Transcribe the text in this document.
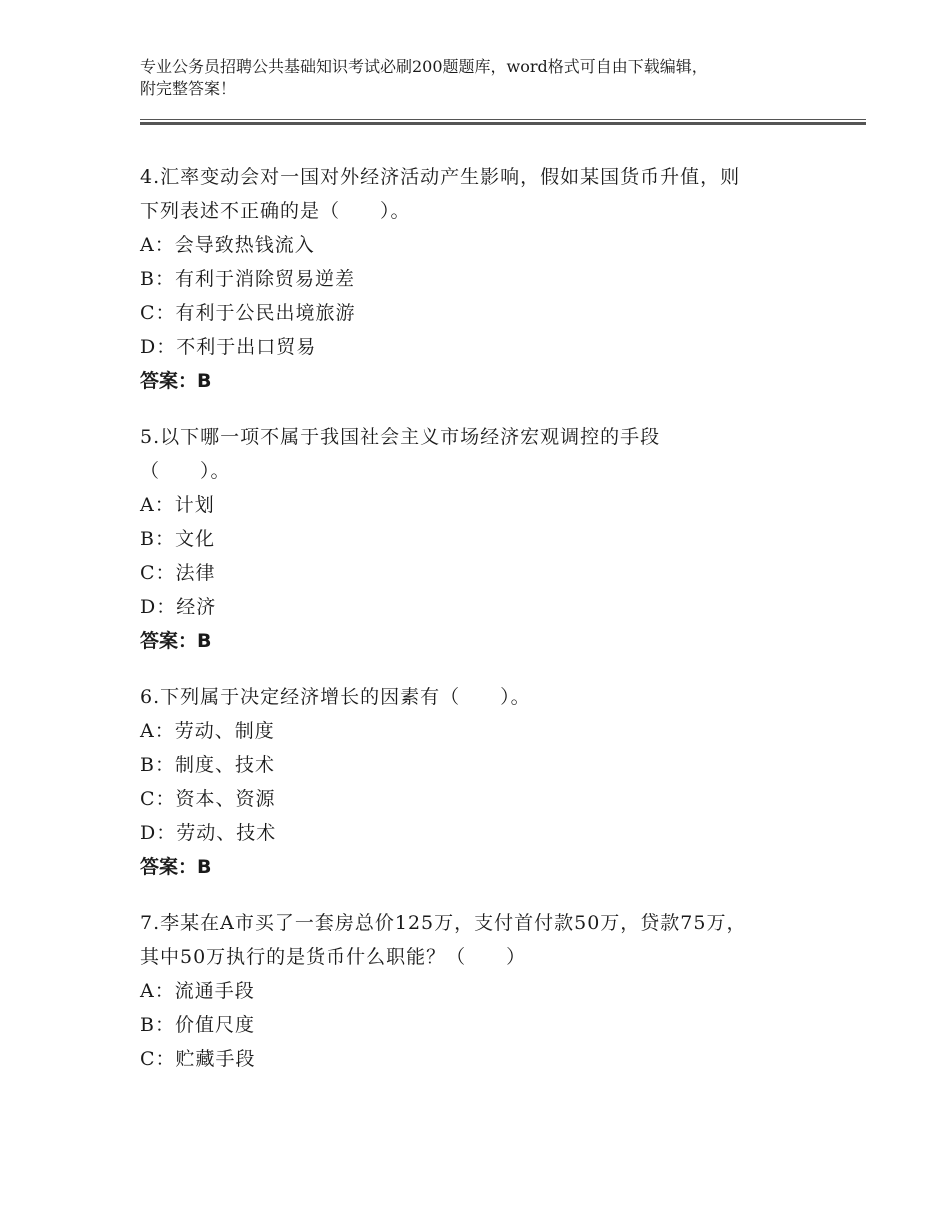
专业公务员招聘公共基础知识考试必刷200题题库，word格式可自由下载编辑，
附完整答案！
4.汇率变动会对一国对外经济活动产生影响，假如某国货币升值，则
下列表述不正确的是（　　）。
A：会导致热钱流入
B：有利于消除贸易逆差
C：有利于公民出境旅游
D：不利于出口贸易
答案：B
5.以下哪一项不属于我国社会主义市场经济宏观调控的手段
（　　）。
A：计划
B：文化
C：法律
D：经济
答案：B
6.下列属于决定经济增长的因素有（　　）。
A：劳动、制度
B：制度、技术
C：资本、资源
D：劳动、技术
答案：B
7.李某在A市买了一套房总价125万，支付首付款50万，贷款75万，
其中50万执行的是货币什么职能？（　　）
A：流通手段
B：价值尺度
C：贮藏手段
